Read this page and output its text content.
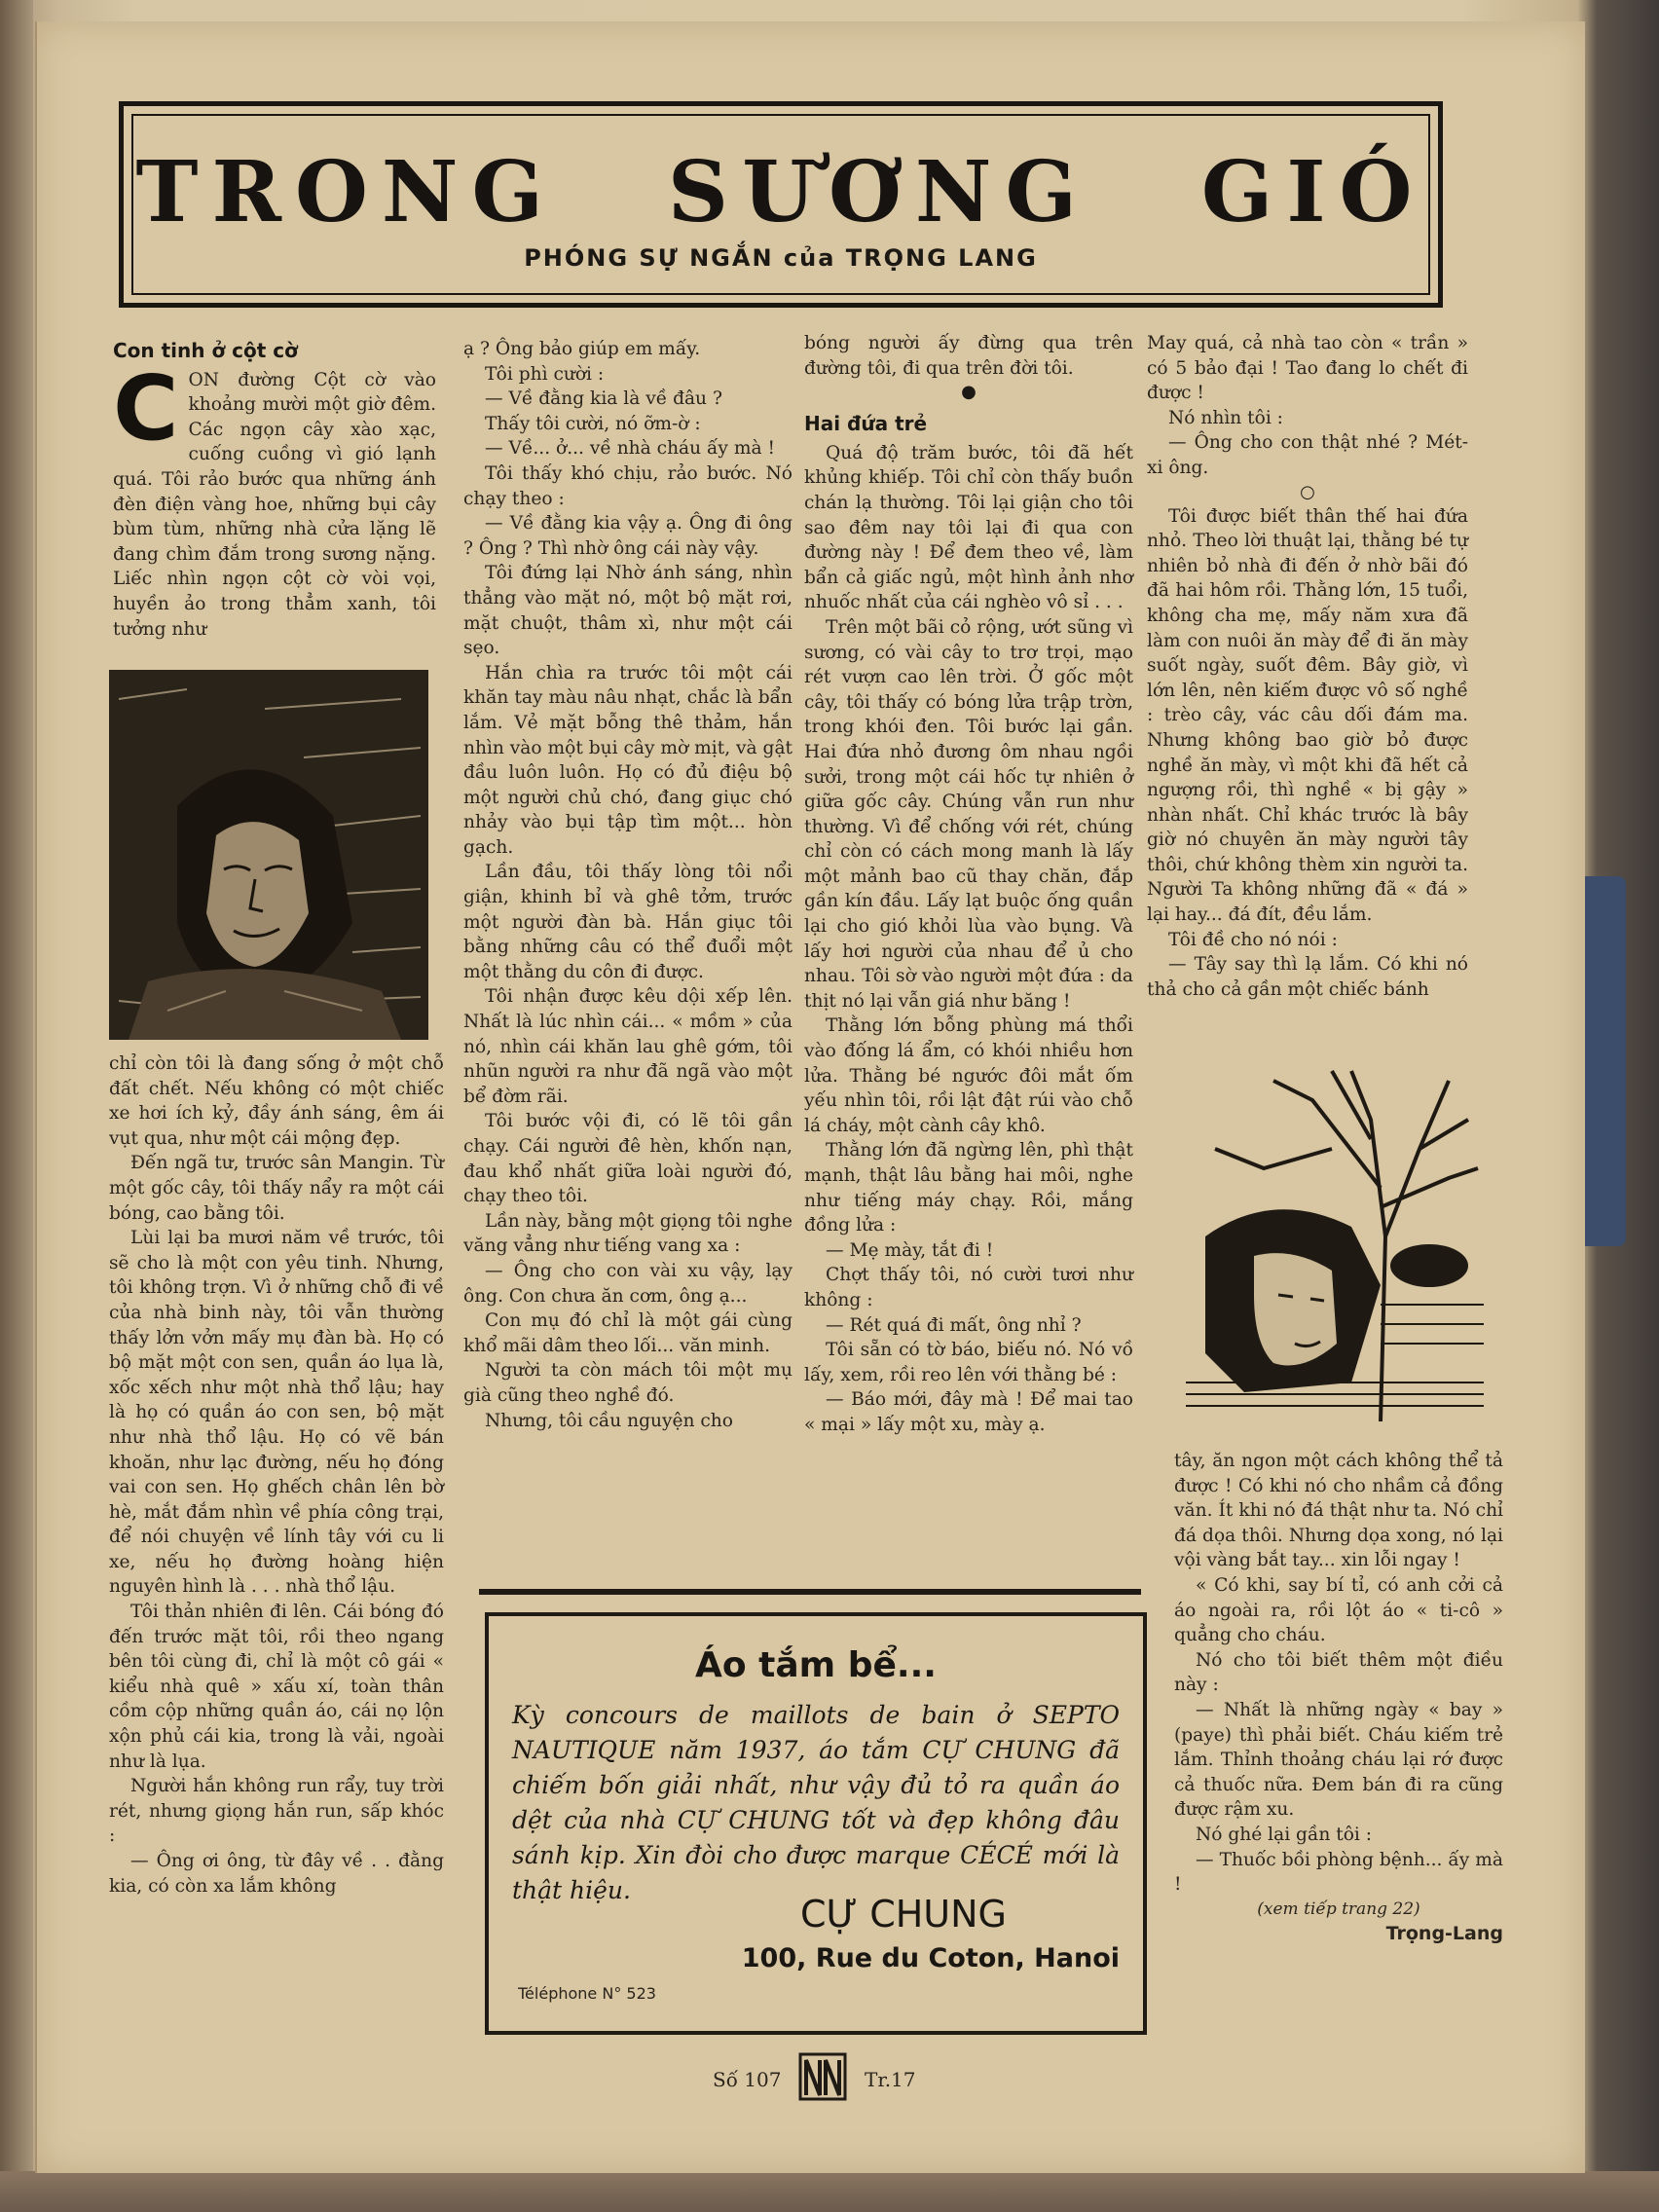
TRONG SƯƠNG GIÓ
PHÓNG SỰ NGẮN của TRỌNG LANG

Con tinh ở cột cờ

CON đường Cột cờ vào khoảng mười một giờ đêm. Các ngọn cây xào xạc, cuống cuồng vì gió lạnh quá. Tôi rảo bước qua những ánh đèn điện vàng hoe, những bụi cây bùm tùm, những nhà cửa lặng lẽ đang chìm đắm trong sương nặng. Liếc nhìn ngọn cột cờ vòi vọi, huyền ảo trong thẳm xanh, tôi tưởng như

chỉ còn tôi là đang sống ở một chỗ đất chết. Nếu không có một chiếc xe hơi ích kỷ, đầy ánh sáng, êm ái vụt qua, như một cái mộng đẹp.

Đến ngã tư, trước sân Mangin. Từ một gốc cây, tôi thấy nẩy ra một cái bóng, cao bằng tôi.

Lùi lại ba mươi năm về trước, tôi sẽ cho là một con yêu tinh. Nhưng, tôi không trợn. Vì ở những chỗ đi về của nhà binh này, tôi vẫn thường thấy lởn vởn mấy mụ đàn bà. Họ có bộ mặt một con sen, quần áo lụa là, xốc xếch như một nhà thổ lậu; hay là họ có quần áo con sen, bộ mặt như nhà thổ lậu. Họ có vẽ bán khoăn, như lạc đường, nếu họ đóng vai con sen. Họ ghếch chân lên bờ hè, mắt đắm nhìn về phía công trại, để nói chuyện về lính tây với cu li xe, nếu họ đường hoàng hiện nguyên hình là . . . nhà thổ lậu.

Tôi thản nhiên đi lên. Cái bóng đó đến trước mặt tôi, rồi theo ngang bên tôi cùng đi, chỉ là một cô gái « kiểu nhà quê » xấu xí, toàn thân cồm cộp những quần áo, cái nọ lộn xộn phủ cái kia, trong là vải, ngoài như là lụa.

Người hắn không run rẩy, tuy trời rét, nhưng giọng hắn run, sấp khóc :

— Ông ơi ông, từ đây về . . đằng kia, có còn xa lắm không

ạ ? Ông bảo giúp em mấy.

Tôi phì cười :

— Về đằng kia là về đâu ?

Thấy tôi cười, nó ỡm-ờ :

— Về... ở... về nhà cháu ấy mà !

Tôi thấy khó chịu, rảo bước. Nó chạy theo :

— Về đằng kia vậy ạ. Ông đi ông ? Ông ? Thì nhờ ông cái này vậy.

Tôi đứng lại Nhờ ánh sáng, nhìn thẳng vào mặt nó, một bộ mặt rơi, mặt chuột, thâm xì, như một cái sẹo.

Hắn chìa ra trước tôi một cái khăn tay màu nâu nhạt, chắc là bẩn lắm. Vẻ mặt bỗng thê thảm, hắn nhìn vào một bụi cây mờ mịt, và gật đầu luôn luôn. Họ có đủ điệu bộ một người chủ chó, đang giục chó nhảy vào bụi tập tìm một... hòn gạch.

Lần đầu, tôi thấy lòng tôi nổi giận, khinh bỉ và ghê tởm, trước một người đàn bà. Hắn giục tôi bằng những câu có thể đuổi một một thằng du côn đi được.

Tôi nhận được kêu dội xếp lên. Nhất là lúc nhìn cái... « mồm » của nó, nhìn cái khăn lau ghê gớm, tôi nhũn người ra như đã ngã vào một bể đờm rãi.

Tôi bước vội đi, có lẽ tôi gần chạy. Cái người đê hèn, khốn nạn, đau khổ nhất giữa loài người đó, chạy theo tôi.

Lần này, bằng một giọng tôi nghe văng vẳng như tiếng vang xa :

— Ông cho con vài xu vậy, lạy ông. Con chưa ăn cơm, ông ạ...

Con mụ đó chỉ là một gái cùng khổ mãi dâm theo lối... văn minh.

Người ta còn mách tôi một mụ già cũng theo nghề đó.

Nhưng, tôi cầu nguyện cho

bóng người ấy đừng qua trên đường tôi, đi qua trên đời tôi.

●

Hai đứa trẻ

Quá độ trăm bước, tôi đã hết khủng khiếp. Tôi chỉ còn thấy buồn chán lạ thường. Tôi lại giận cho tôi sao đêm nay tôi lại đi qua con đường này ! Để đem theo về, làm bẩn cả giấc ngủ, một hình ảnh nhơ nhuốc nhất của cái nghèo vô sỉ . . .

Trên một bãi cỏ rộng, ướt sũng vì sương, có vài cây to trơ trọi, mạo rét vượn cao lên trời. Ở gốc một cây, tôi thấy có bóng lửa trập trờn, trong khói đen. Tôi bước lại gần. Hai đứa nhỏ đương ôm nhau ngồi sưởi, trong một cái hốc tự nhiên ở giữa gốc cây. Chúng vẫn run như thường. Vì để chống với rét, chúng chỉ còn có cách mong manh là lấy một mảnh bao cũ thay chăn, đắp gần kín đầu. Lấy lạt buộc ống quần lại cho gió khỏi lùa vào bụng. Và lấy hơi người của nhau để ủ cho nhau. Tôi sờ vào người một đứa : da thịt nó lại vẫn giá như băng !

Thằng lớn bỗng phùng má thổi vào đống lá ẩm, có khói nhiều hơn lửa. Thằng bé ngước đôi mắt ốm yếu nhìn tôi, rồi lật đật rúi vào chỗ lá cháy, một cành cây khô.

Thằng lớn đã ngừng lên, phì thật mạnh, thật lâu bằng hai môi, nghe như tiếng máy chạy. Rồi, mắng đồng lửa :

— Mẹ mày, tắt đi !

Chợt thấy tôi, nó cười tươi như không :

— Rét quá đi mất, ông nhỉ ?

Tôi sẵn có tờ báo, biếu nó. Nó vồ lấy, xem, rồi reo lên với thằng bé :

— Báo mới, đây mà ! Để mai tao « mại » lấy một xu, mày ạ.

May quá, cả nhà tao còn « trần » có 5 bảo đại ! Tao đang lo chết đi được !

Nó nhìn tôi :

— Ông cho con thật nhé ? Mét-xi ông.

○

Tôi được biết thân thế hai đứa nhỏ. Theo lời thuật lại, thằng bé tự nhiên bỏ nhà đi đến ở nhờ bãi đó đã hai hôm rồi. Thằng lớn, 15 tuổi, không cha mẹ, mấy năm xưa đã làm con nuôi ăn mày để đi ăn mày suốt ngày, suốt đêm. Bây giờ, vì lớn lên, nên kiếm được vô số nghề : trèo cây, vác câu dối đám ma. Nhưng không bao giờ bỏ được nghề ăn mày, vì một khi đã hết cả ngượng rồi, thì nghề « bị gậy » nhàn nhất. Chỉ khác trước là bây giờ nó chuyên ăn mày người tây thôi, chứ không thèm xin người ta. Người Ta không những đã « đá » lại hay... đá đít, đều lắm.

Tôi đề cho nó nói :

— Tây say thì lạ lắm. Có khi nó thả cho cả gần một chiếc bánh

tây, ăn ngon một cách không thể tả được ! Có khi nó cho nhầm cả đồng văn. Ít khi nó đá thật như ta. Nó chỉ đá dọa thôi. Nhưng dọa xong, nó lại vội vàng bắt tay... xin lỗi ngay !

« Có khi, say bí tỉ, có anh cởi cả áo ngoài ra, rồi lột áo « ti-cô » quẳng cho cháu.

Nó cho tôi biết thêm một điều này :

— Nhất là những ngày « bay » (paye) thì phải biết. Cháu kiếm trẻ lắm. Thỉnh thoảng cháu lại rớ được cả thuốc nữa. Đem bán đi ra cũng được rậm xu.

Nó ghé lại gần tôi :

— Thuốc bồi phòng bệnh... ấy mà !

(xem tiếp trang 22)

Trọng-Lang

Áo tắm bể...
Kỳ concours de maillots de bain ở SEPTO NAUTIQUE năm 1937, áo tắm CỰ CHUNG đã chiếm bốn giải nhất, như vậy đủ tỏ ra quần áo dệt của nhà CỰ CHUNG tốt và đẹp không đâu sánh kịp. Xin đòi cho được marque CÉCÉ mới là thật hiệu.
CỰ CHUNG
100, Rue du Coton, Hanoi
Téléphone N° 523
Số 107	Tr.17
